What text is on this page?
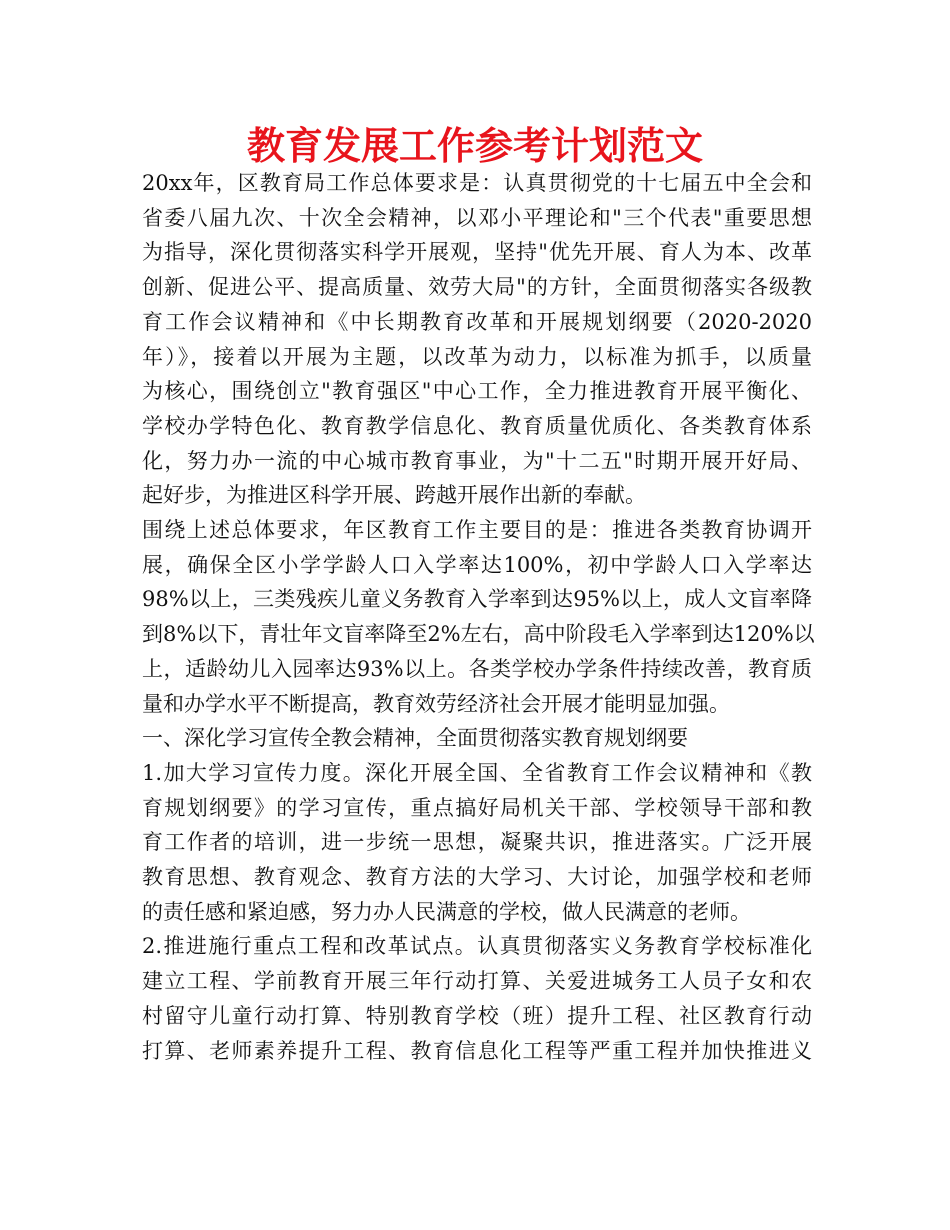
教育发展工作参考计划范文
20xx年，区教育局工作总体要求是：认真贯彻党的十七届五中全会和
省委八届九次、十次全会精神，以邓小平理论和"三个代表"重要思想
为指导，深化贯彻落实科学开展观，坚持"优先开展、育人为本、改革
创新、促进公平、提高质量、效劳大局"的方针，全面贯彻落实各级教
育工作会议精神和《中长期教育改革和开展规划纲要（2020-2020
年）》，接着以开展为主题，以改革为动力，以标准为抓手，以质量
为核心，围绕创立"教育强区"中心工作，全力推进教育开展平衡化、
学校办学特色化、教育教学信息化、教育质量优质化、各类教育体系
化，努力办一流的中心城市教育事业，为"十二五"时期开展开好局、
起好步，为推进区科学开展、跨越开展作出新的奉献。
围绕上述总体要求，年区教育工作主要目的是：推进各类教育协调开
展，确保全区小学学龄人口入学率达100%，初中学龄人口入学率达
98%以上，三类残疾儿童义务教育入学率到达95%以上，成人文盲率降
到8%以下，青壮年文盲率降至2%左右，高中阶段毛入学率到达120%以
上，适龄幼儿入园率达93%以上。各类学校办学条件持续改善，教育质
量和办学水平不断提高，教育效劳经济社会开展才能明显加强。
一、深化学习宣传全教会精神，全面贯彻落实教育规划纲要
1.加大学习宣传力度。深化开展全国、全省教育工作会议精神和《教
育规划纲要》的学习宣传，重点搞好局机关干部、学校领导干部和教
育工作者的培训，进一步统一思想，凝聚共识，推进落实。广泛开展
教育思想、教育观念、教育方法的大学习、大讨论，加强学校和老师
的责任感和紧迫感，努力办人民满意的学校，做人民满意的老师。
2.推进施行重点工程和改革试点。认真贯彻落实义务教育学校标准化
建立工程、学前教育开展三年行动打算、关爱进城务工人员子女和农
村留守儿童行动打算、特别教育学校（班）提升工程、社区教育行动
打算、老师素养提升工程、教育信息化工程等严重工程并加快推进义
